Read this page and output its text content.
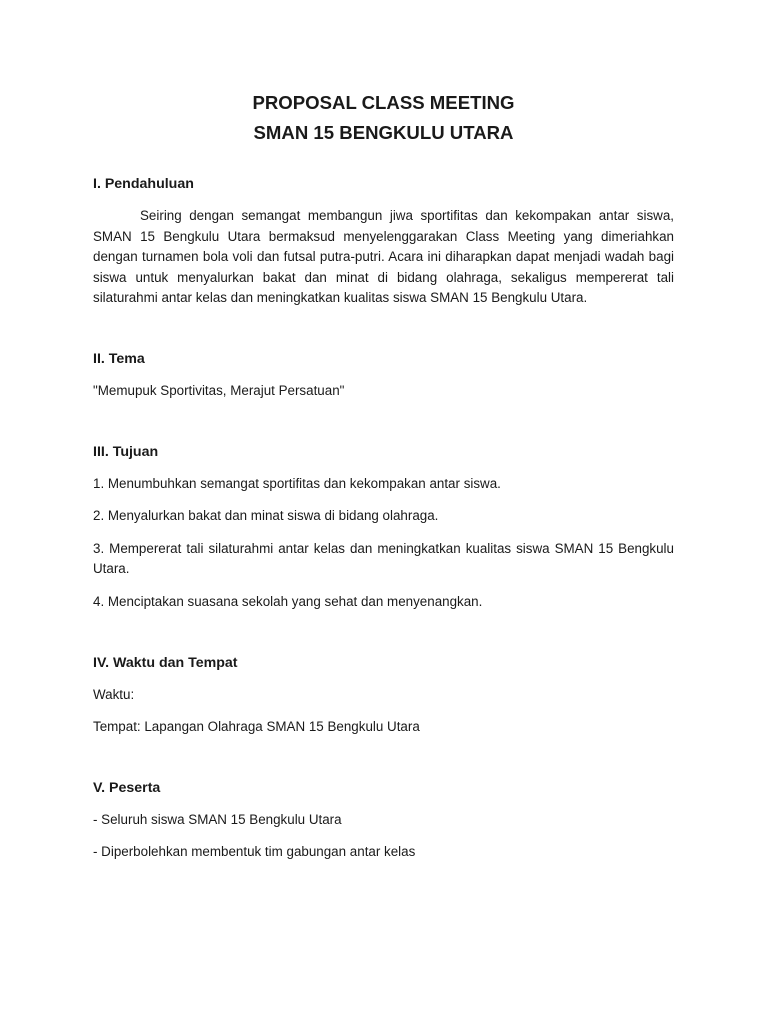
PROPOSAL CLASS MEETING

SMAN 15 BENGKULU UTARA

I. Pendahuluan

Seiring dengan semangat membangun jiwa sportifitas dan kekompakan antar siswa, SMAN 15 Bengkulu Utara bermaksud menyelenggarakan Class Meeting yang dimeriahkan dengan turnamen bola voli dan futsal putra-putri. Acara ini diharapkan dapat menjadi wadah bagi siswa untuk menyalurkan bakat dan minat di bidang olahraga, sekaligus mempererat tali silaturahmi antar kelas dan meningkatkan kualitas siswa SMAN 15 Bengkulu Utara.

II. Tema

"Memupuk Sportivitas, Merajut Persatuan"

III. Tujuan

1. Menumbuhkan semangat sportifitas dan kekompakan antar siswa.

2. Menyalurkan bakat dan minat siswa di bidang olahraga.

3. Mempererat tali silaturahmi antar kelas dan meningkatkan kualitas siswa SMAN 15 Bengkulu Utara.

4. Menciptakan suasana sekolah yang sehat dan menyenangkan.

IV. Waktu dan Tempat

Waktu:

Tempat: Lapangan Olahraga SMAN 15 Bengkulu Utara

V. Peserta

- Seluruh siswa SMAN 15 Bengkulu Utara

- Diperbolehkan membentuk tim gabungan antar kelas
